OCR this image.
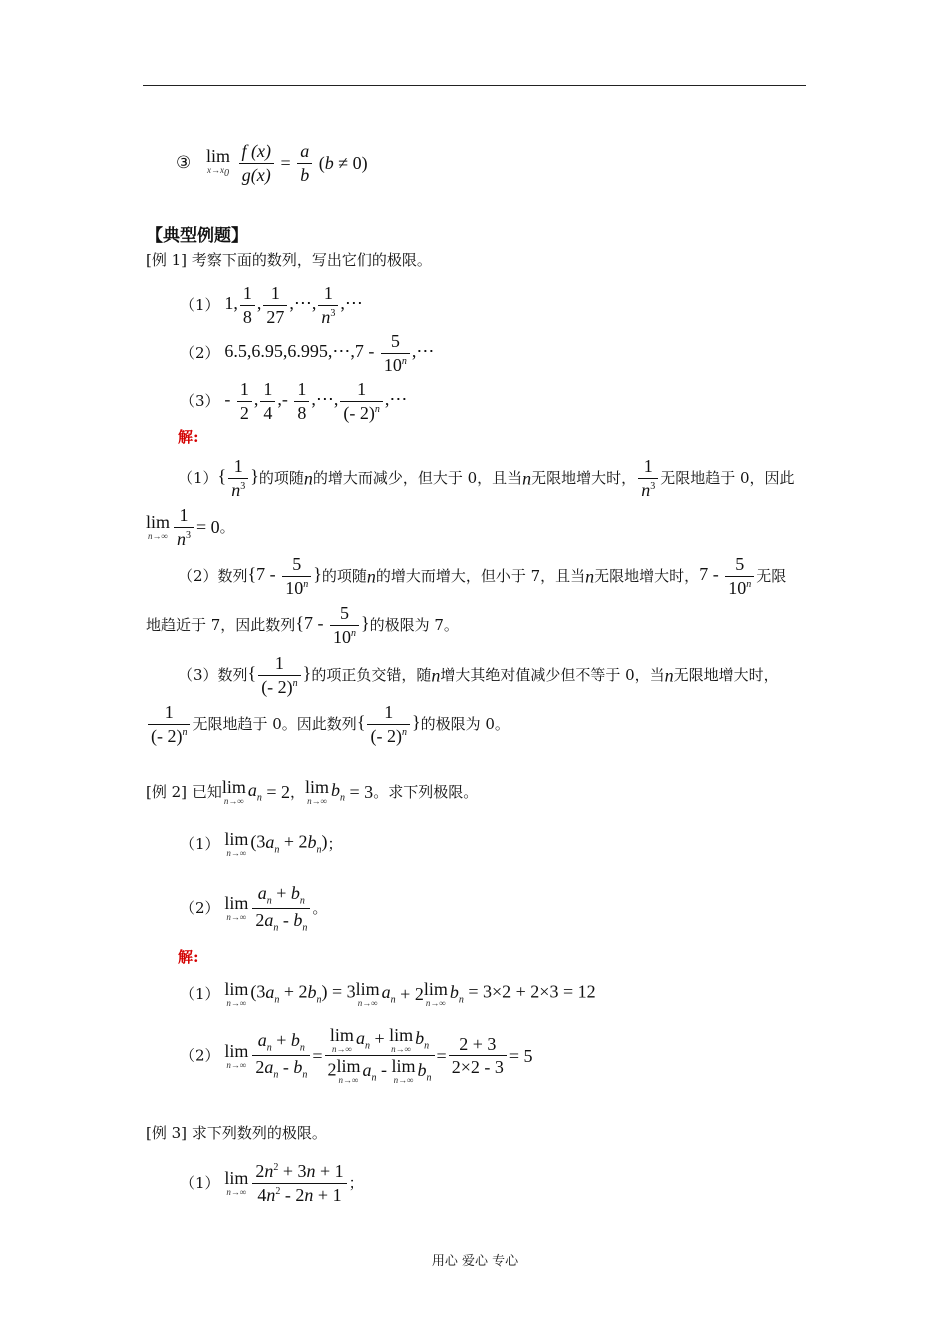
③ lim
$x\to x_0$
$\frac{f (x)}{g(x)} = \frac{a}{b} (b \ne 0)$
【典型例题】
[例 1] 考察下面的数列，写出它们的极限。
（1） 1, $\frac{1}{8}$ , $\frac{1}{27}$ ,⋯, $\frac{1}{n^3}$ ,⋯
（2） 6.5,6.95,6.995,⋯,7 - $\frac{5}{10^n}$ ,⋯
$(3) - \frac{1}{2}$ , $\frac{1}{4}$ ,- $\frac{1}{8}$ ,⋯, $\frac{1}{(- 2)^n}$ ,⋯
解:
$(1)\{ \frac{1}{n^3}$ }的项随n的增大而减少，但大于 0，且当n无限地增大时， $\frac{1}{n^3}$ 无限地趋于 0，因此
lim
$n\to\infty \frac{1}{n^3} = 0$。
（2）数列{$7 - \frac{5}{10^n}$ }的项随n的增大而增大，但小于 7，且当n无限地增大时，$7 - \frac{5}{10^n}$ 无限
地趋近于 7，因此数列{$7 - \frac{5}{10^n}$ }的极限为 7。
（3）数列{ $\frac{1}{(- 2)^n}$ }的项正负交错，随n增大其绝对值减少但不等于 0，当n无限地增大时，
$\frac{1}{(- 2)^n}$ 无限地趋于 0。因此数列{ $\frac{1}{(- 2)^n}$ }的极限为 0。
[例 2] 已知 lim
n→∞
$a_n = 2$， lim
n→∞
$b_n = 3$。求下列极限。
（1） lim
n→∞
$(3a_n + 2b_n)$；
（2） lim
$n\to\infty \frac{a_n + b_n}{2a_n - b_n}$ 。
解:
（1） lim
n→∞
$(3a_n + 2b_n) = 3$ lim
n→∞
$a_n + 2$ lim
n→∞
$b_n = 3\times 2 + 2\times 3 = 12$
（2） lim
$n\to\infty \frac{a_n + b_n}{2a_n - b_n} = \lim$
n→∞
$a_n + \lim$
n→∞
$b_n$
2 lim
n→∞
$a_n$ - lim
n→∞
$b_n = \frac{2 + 3}{2\times 2 - 3} = 5$
[例 3] 求下列数列的极限。
（1） lim
$n\to\infty \frac{2n^2 + 3n + 1}{4n^2 - 2n + 1}$ ；
用心 爱心 专心
